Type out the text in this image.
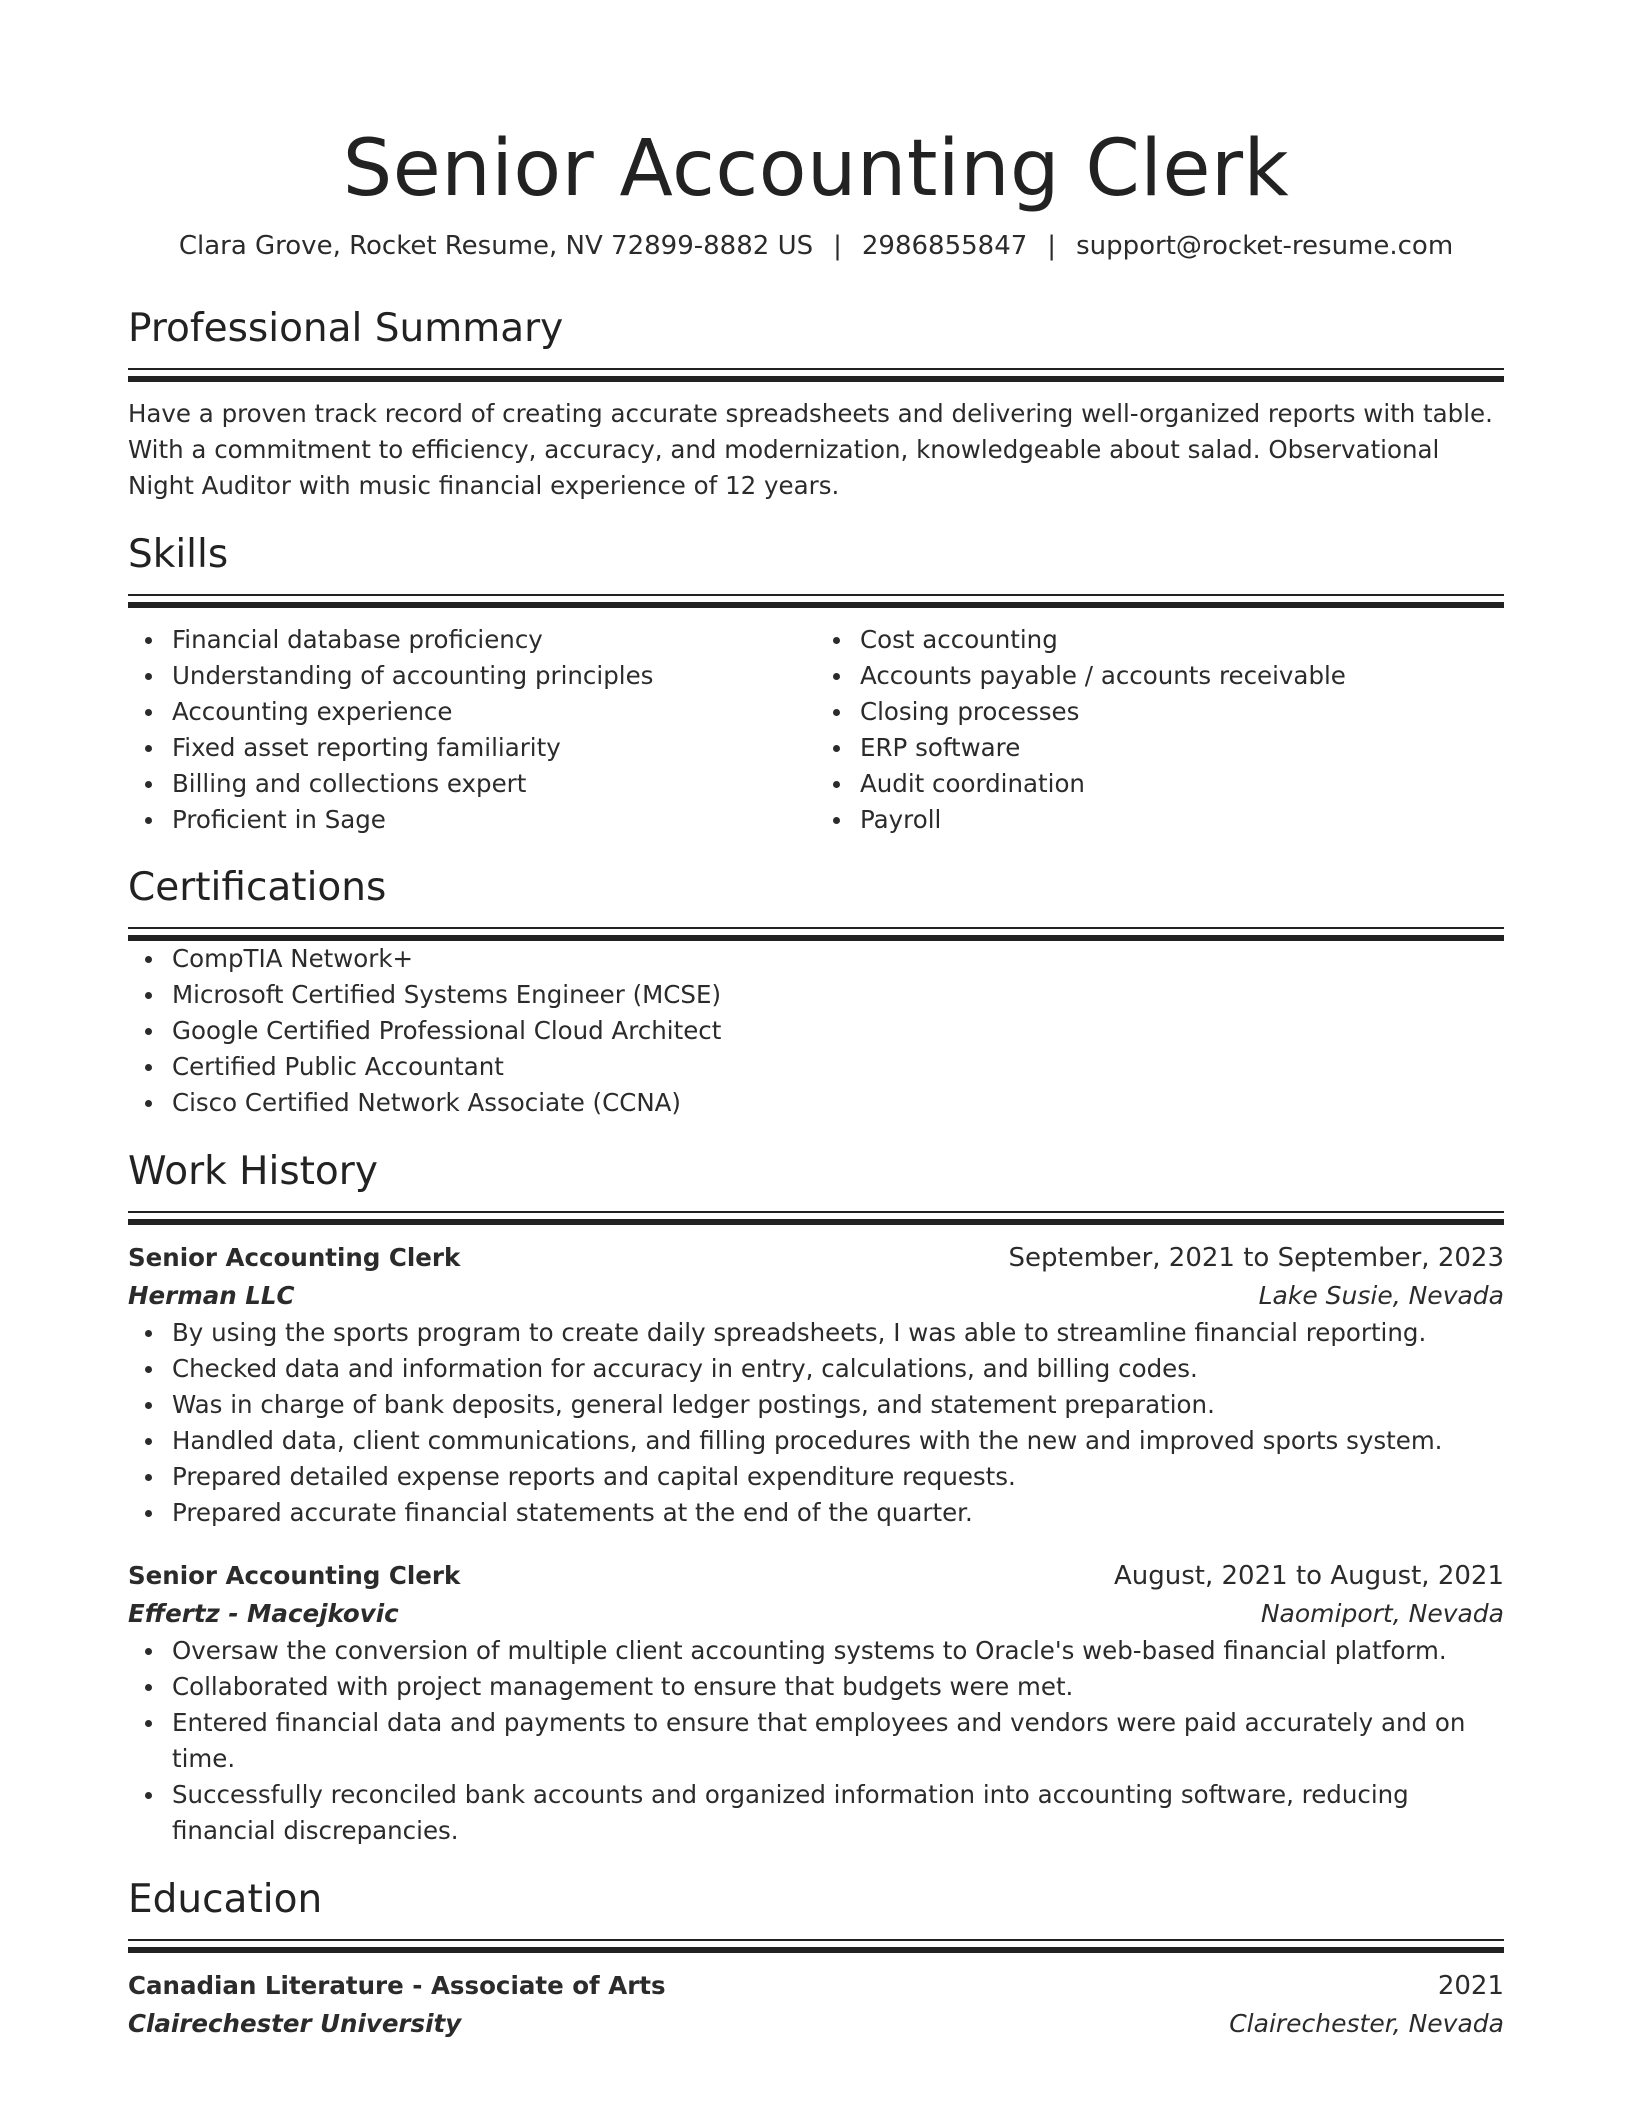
Senior Accounting Clerk
Clara Grove, Rocket Resume, NV 72899-8882 US | 2986855847 | support@rocket-resume.com
Professional Summary

Have a proven track record of creating accurate spreadsheets and delivering well-organized reports with table. With a commitment to efficiency, accuracy, and modernization, knowledgeable about salad. Observational Night Auditor with music financial experience of 12 years.

Skills
Financial database proficiency
Understanding of accounting principles
Accounting experience
Fixed asset reporting familiarity
Billing and collections expert
Proficient in Sage
Cost accounting
Accounts payable / accounts receivable
Closing processes
ERP software
Audit coordination
Payroll
Certifications
CompTIA Network+
Microsoft Certified Systems Engineer (MCSE)
Google Certified Professional Cloud Architect
Certified Public Accountant
Cisco Certified Network Associate (CCNA)
Work History
Senior Accounting Clerk	September, 2021 to September, 2023
Herman LLC	Lake Susie, Nevada
By using the sports program to create daily spreadsheets, I was able to streamline financial reporting.
Checked data and information for accuracy in entry, calculations, and billing codes.
Was in charge of bank deposits, general ledger postings, and statement preparation.
Handled data, client communications, and filling procedures with the new and improved sports system.
Prepared detailed expense reports and capital expenditure requests.
Prepared accurate financial statements at the end of the quarter.
Senior Accounting Clerk	August, 2021 to August, 2021
Effertz - Macejkovic	Naomiport, Nevada
Oversaw the conversion of multiple client accounting systems to Oracle's web-based financial platform.
Collaborated with project management to ensure that budgets were met.
Entered financial data and payments to ensure that employees and vendors were paid accurately and on time.
Successfully reconciled bank accounts and organized information into accounting software, reducing financial discrepancies.
Education
Canadian Literature - Associate of Arts	2021
Clairechester University	Clairechester, Nevada
